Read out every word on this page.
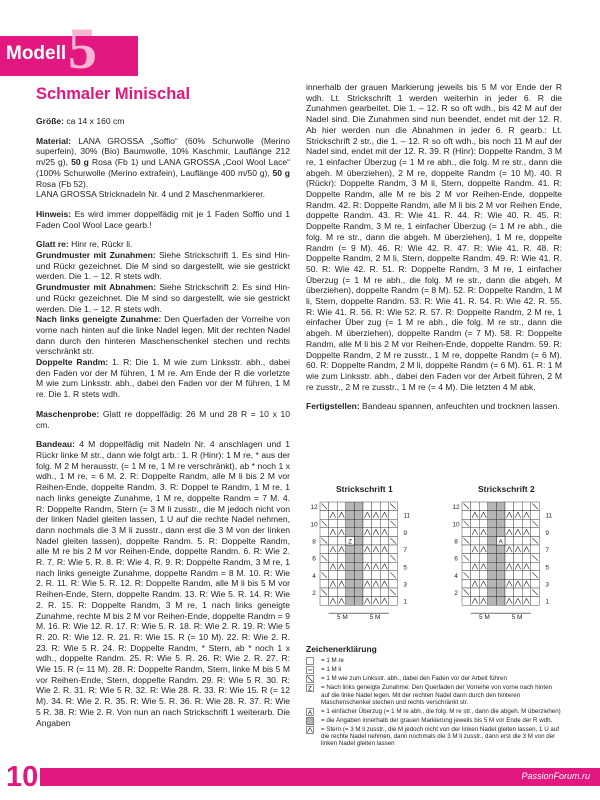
Modell 5
Schmaler Minischal

Größe: ca 14 x 160 cm

Material: LANA GROSSA „Soffio“ (60% Schurwolle (Merino superfein), 30% (Bio) Baumwolle, 10% Kaschmir, Lauflänge 212 m/25 g), 50 g Rosa (Fb 1) und LANA GROSSA „Cool Wool Lace“ (100% Schurwolle (Merino extrafein), Lauflänge 400 m/50 g), 50 g Rosa (Fb 52).
LANA GROSSA Stricknadeln Nr. 4 und 2 Maschenmarkierer.

Hinweis: Es wird immer doppelfädig mit je 1 Faden Soffio und 1 Faden Cool Wool Lace gearb.!

Glatt re: Hinr re, Rückr li.

Grundmuster mit Zunahmen: Siehe Strickschrift 1. Es sind Hin- und Rückr gezeichnet. Die M sind so dargestellt, wie sie gestrickt werden. Die 1. – 12. R stets wdh.

Grundmuster mit Abnahmen: Siehe Strickschrift 2. Es sind Hin- und Rückr gezeichnet. Die M sind so dargestellt, wie sie gestrickt werden. Die 1. – 12. R stets wdh.

Nach links geneigte Zunahme: Den Querfaden der Vorreihe von vorne nach hinten auf die linke Nadel legen. Mit der rechten Nadel dann durch den hinteren Maschenschenkel stechen und rechts verschränkt str.

Doppelte Randm: 1. R: Die 1. M wie zum Linksstr. abh., dabei den Faden vor der M führen, 1 M re. Am Ende der R die vorletzte M wie zum Linksstr. abh., dabei den Faden vor der M führen, 1 M re. Die 1. R stets wdh.

Maschenprobe: Glatt re doppelfädig: 26 M und 28 R = 10 x 10 cm.

Bandeau: 4 M doppelfädig mit Nadeln Nr. 4 anschlagen und 1 Rückr linke M str., dann wie folgt arb.: 1. R (Hinr): 1 M re, * aus der folg. M 2 M herausstr. (= 1 M re, 1 M re verschränkt), ab * noch 1 x wdh., 1 M re, = 6 M. 2. R: Doppelte Randm, alle M li bis 2 M vor Reihen-Ende, doppelte Randm. 3. R: Doppel te Randm, 1 M re, 1 nach links geneigte Zunahme, 1 M re, doppelte Randm = 7 M. 4. R: Doppelte Randm, Stern (= 3 M li zusstr., die M jedoch nicht von der linken Nadel gleiten lassen, 1 U auf die rechte Nadel nehmen, dann nochmals die 3 M li zusstr., dann erst die 3 M von der linken Nadel gleiten lassen), doppelte Randm. 5. R: Doppelte Randm, alle M re bis 2 M vor Reihen-Ende, doppelte Randm. 6. R: Wie 2. R. 7. R: Wie 5. R. 8. R: Wie 4. R. 9. R: Doppelte Randm, 3 M re, 1 nach links geneigte Zunahme, doppelte Randm = 8 M. 10. R: Wie 2. R. 11. R: Wie 5. R. 12. R: Doppelte Randm, alle M li bis 5 M vor Reihen-Ende, Stern, doppelte Randm. 13. R: Wie 5. R. 14. R: Wie 2. R. 15. R: Doppelte Randm, 3 M re, 1 nach links geneigte Zunahme, rechte M bis 2 M vor Reihen-Ende, doppelte Randm = 9 M. 16. R: Wie 12. R. 17. R: Wie 5. R. 18. R: Wie 2. R. 19. R: Wie 5 R. 20. R: Wie 12. R. 21. R: Wie 15. R (= 10 M). 22. R: Wie 2. R. 23. R: Wie 5 R. 24. R: Doppelte Randm, * Stern, ab * noch 1 x wdh., doppelte Randm. 25. R: Wie 5. R. 26. R: Wie 2. R. 27. R: Wie 15. R (= 11 M). 28. R: Doppelte Randm, Stern, linke M bis 5 M vor Reihen-Ende, Stern, doppelte Randm. 29. R: Wie 5 R. 30. R: Wie 2. R. 31. R: Wie 5 R. 32. R: Wie 28. R. 33. R: Wie 15. R (= 12 M). 34. R: Wie 2. R. 35. R: Wie 5. R. 36. R: Wie 28. R. 37. R: Wie 5 R. 38. R: Wie 2. R. Von nun an nach Strickschrift 1 weiterarb. Die Angaben

innerhalb der grauen Markierung jeweils bis 5 M vor Ende der R wdh. Lt. Strickschrift 1 werden weiterhin in jeder 6. R die Zunahmen gearbeitet. Die 1. – 12. R so oft wdh., bis 42 M auf der Nadel sind. Die Zunahmen sind nun beendet, endet mit der 12. R. Ab hier werden nun die Abnahmen in jeder 6. R gearb.: Lt. Strickschrift 2 str., die 1. – 12. R so oft wdh., bis noch 11 M auf der Nadel sind, endet mit der 12. R. 39. R (Hinr): Doppelte Randm, 3 M re, 1 einfacher Überzug (= 1 M re abh., die folg. M re str., dann die abgeh. M überziehen), 2 M re, doppelte Randm (= 10 M). 40. R (Rückr): Doppelte Randm, 3 M li, Stern, doppelte Randm. 41. R: Doppelte Randm, alle M re bis 2 M vor Reihen-Ende, doppelte Randm. 42. R: Doppelte Randm, alle M li bis 2 M vor Reihen Ende, doppelte Randm. 43. R: Wie 41. R. 44. R: Wie 40. R. 45. R: Doppelte Randm, 3 M re, 1 einfacher Überzug (= 1 M re abh., die folg. M re str., dann die abgeh. M überziehen), 1 M re, doppelte Randm (= 9 M). 46. R: Wie 42. R. 47. R: Wie 41. R. 48. R: Doppelte Randm, 2 M li, Stern, doppelte Randm. 49. R: Wie 41. R. 50. R: Wie 42. R. 51. R: Doppelte Randm, 3 M re, 1 einfacher Überzug (= 1 M re abh., die folg. M re str., dann die abgeh. M überziehen), doppelte Randm (= 8 M). 52. R: Doppelte Randm, 1 M li, Stern, doppelte Randm. 53. R: Wie 41. R. 54. R: Wie 42. R. 55. R: Wie 41. R. 56. R: Wie 52. R. 57. R: Doppelte Randm, 2 M re, 1 einfacher Über zug (= 1 M re abh., die folg. M re str., dann die abgeh. M überziehen), doppelte Randm (= 7 M). 58. R: Doppelte Randm, alle M li bis 2 M vor Reihen-Ende, doppelte Randm. 59. R: Doppelte Randm, 2 M re zusstr., 1 M re, doppelte Randm (= 6 M). 60. R: Doppelte Randm, 2 M li, doppelte Randm (= 6 M). 61. R: 1 M wie zum Linksstr. abh., dabei den Faden vor der Arbeit führen, 2 M re zusstr., 2 M re zusstr., 1 M re (= 4 M). Die letzten 4 M abk.

Fertigstellen: Bandeau spannen, anfeuchten und trocknen lassen.

Strickschrift 1	Strickschrift 2
Z
12
10
8
6
4
2
11
9
7
5
3
1
5 M	5 M
A
12
10
8
6
4
2
11
9
7
5
3
1
5 M	5 M
Zeichenerklärung
= 1 M re
= 1 M li
= 1 M wie zum Linksstr. abh., dabei den Faden vor der Arbeit führen
Z = Nach links geneigte Zunahme: Den Querfaden der Vorreihe von vorne nach hinten auf die linke Nadel legen. Mit der rechten Nadel dann durch den hinteren Maschenschenkel stechen und rechts verschränkt str.
A = 1 einfacher Überzug (= 1 M re abh., die folg. M re str., dann die abgeh. M überziehen)
= die Angaben innerhalb der grauen Markierung jeweils bis 5 M vor Ende der R wdh.
= Stern (= 3 M li zusstr., die M jedoch nicht von der linken Nadel gleiten lassen, 1 U auf die rechte Nadel nehmen, dann nochmals die 3 M li zusstr., dann erst die 3 M von der linken Nadel gleiten lassen
10	PassionForum.ru
